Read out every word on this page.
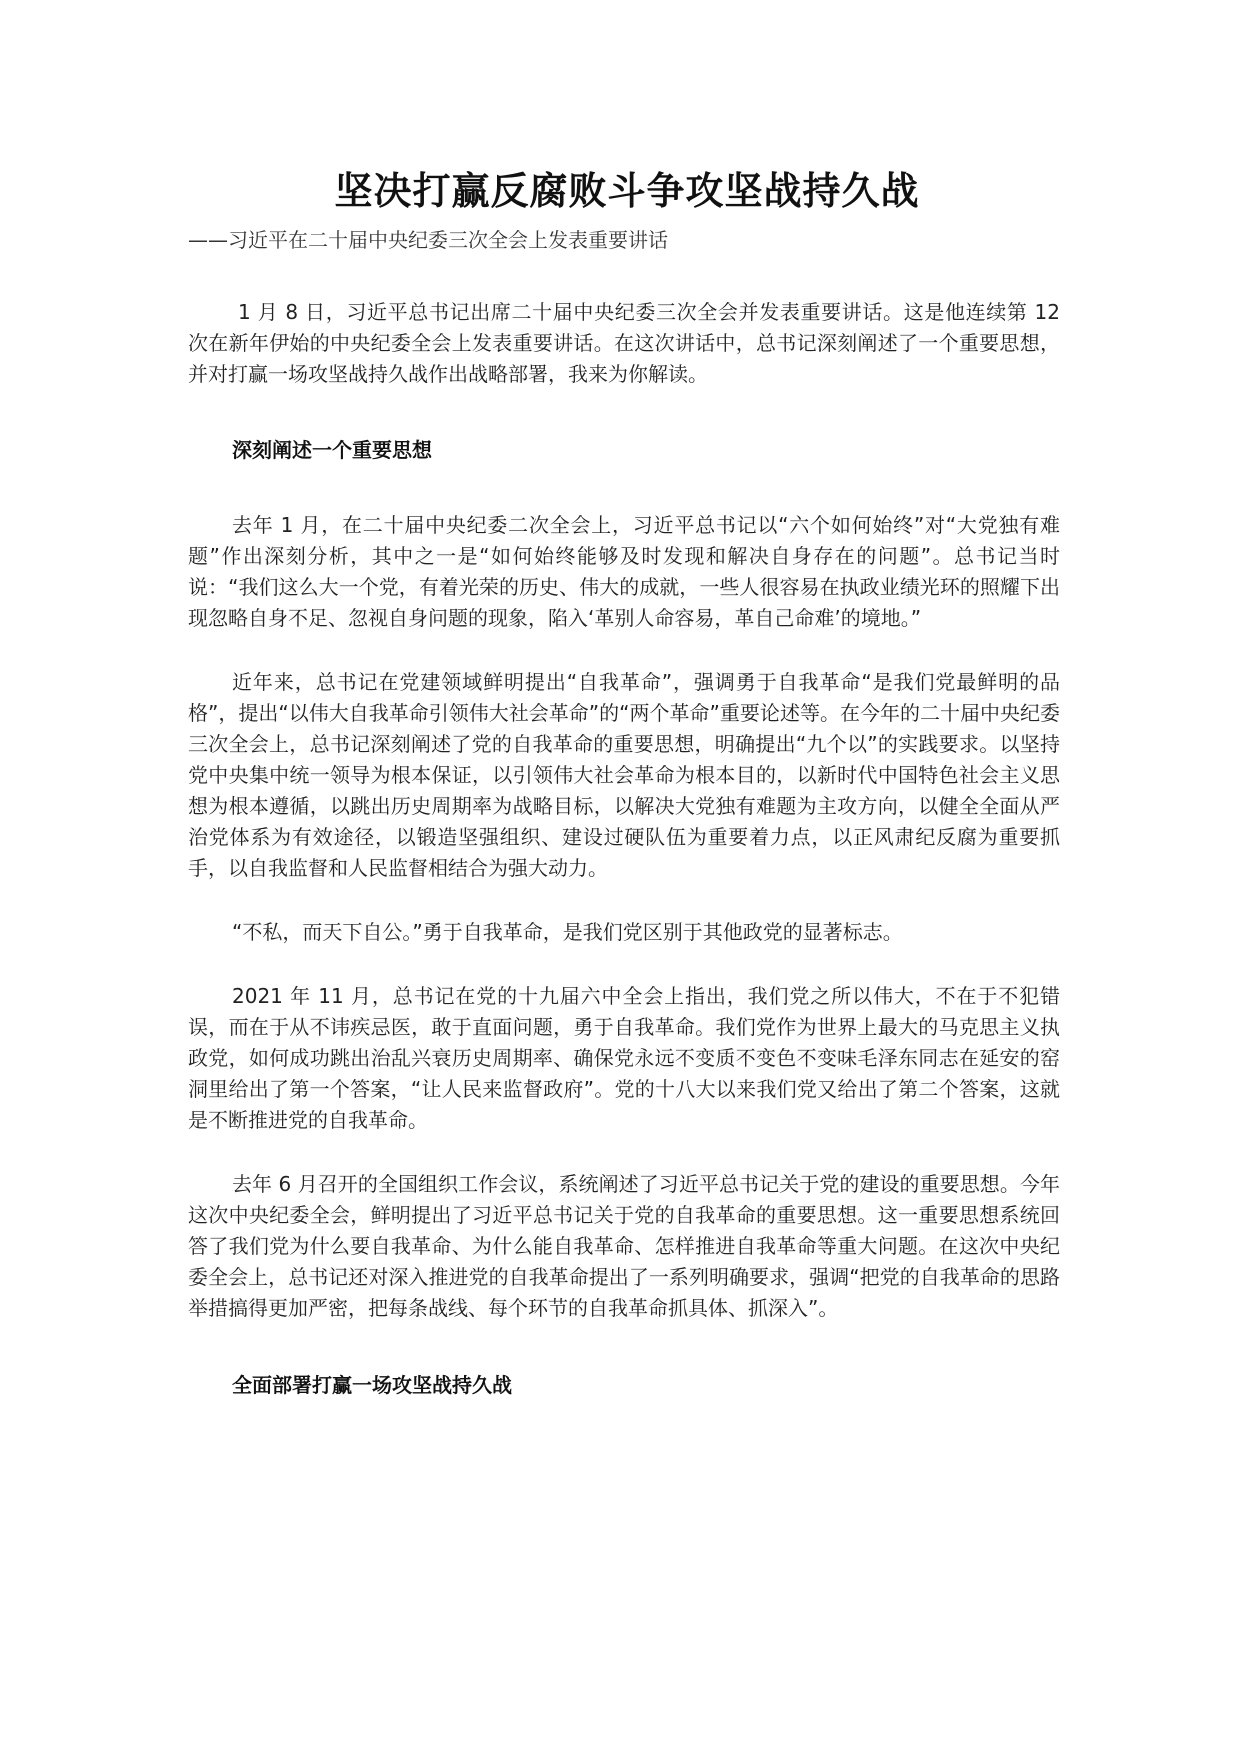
坚决打赢反腐败斗争攻坚战持久战

——习近平在二十届中央纪委三次全会上发表重要讲话

1 月 8 日，习近平总书记出席二十届中央纪委三次全会并发表重要讲话。这是他连续第 12 次在新年伊始的中央纪委全会上发表重要讲话。在这次讲话中，总书记深刻阐述了一个重要思想，并对打赢一场攻坚战持久战作出战略部署，我来为你解读。

深刻阐述一个重要思想

去年 1 月，在二十届中央纪委二次全会上，习近平总书记以“六个如何始终”对“大党独有难题”作出深刻分析，其中之一是“如何始终能够及时发现和解决自身存在的问题”。总书记当时说：“我们这么大一个党，有着光荣的历史、伟大的成就，一些人很容易在执政业绩光环的照耀下出现忽略自身不足、忽视自身问题的现象，陷入‘革别人命容易，革自己命难’的境地。”

近年来，总书记在党建领域鲜明提出“自我革命”，强调勇于自我革命“是我们党最鲜明的品格”，提出“以伟大自我革命引领伟大社会革命”的“两个革命”重要论述等。在今年的二十届中央纪委三次全会上，总书记深刻阐述了党的自我革命的重要思想，明确提出“九个以”的实践要求。以坚持党中央集中统一领导为根本保证，以引领伟大社会革命为根本目的，以新时代中国特色社会主义思想为根本遵循，以跳出历史周期率为战略目标，以解决大党独有难题为主攻方向，以健全全面从严治党体系为有效途径，以锻造坚强组织、建设过硬队伍为重要着力点，以正风肃纪反腐为重要抓手，以自我监督和人民监督相结合为强大动力。

“不私，而天下自公。”勇于自我革命，是我们党区别于其他政党的显著标志。

2021 年 11 月，总书记在党的十九届六中全会上指出，我们党之所以伟大，不在于不犯错误，而在于从不讳疾忌医，敢于直面问题，勇于自我革命。我们党作为世界上最大的马克思主义执政党，如何成功跳出治乱兴衰历史周期率、确保党永远不变质不变色不变味毛泽东同志在延安的窑洞里给出了第一个答案，“让人民来监督政府”。党的十八大以来我们党又给出了第二个答案，这就是不断推进党的自我革命。

去年 6 月召开的全国组织工作会议，系统阐述了习近平总书记关于党的建设的重要思想。今年这次中央纪委全会，鲜明提出了习近平总书记关于党的自我革命的重要思想。这一重要思想系统回答了我们党为什么要自我革命、为什么能自我革命、怎样推进自我革命等重大问题。在这次中央纪委全会上，总书记还对深入推进党的自我革命提出了一系列明确要求，强调“把党的自我革命的思路举措搞得更加严密，把每条战线、每个环节的自我革命抓具体、抓深入”。

全面部署打赢一场攻坚战持久战
